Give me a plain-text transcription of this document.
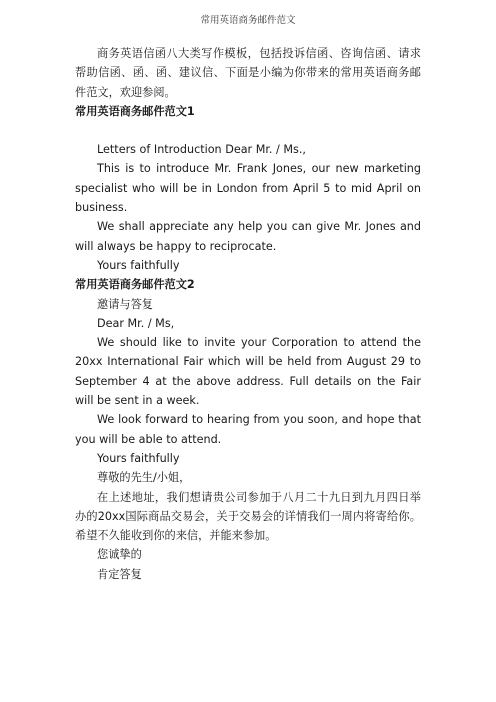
常用英语商务邮件范文

商务英语信函八大类写作模板，包括投诉信函、咨询信函、请求帮助信函、函、函、建议信、下面是小编为你带来的常用英语商务邮件范文，欢迎参阅。

常用英语商务邮件范文1

Letters of Introduction Dear Mr. / Ms.,

This is to introduce Mr. Frank Jones, our new marketing specialist who will be in London from April 5 to mid April on business.

We shall appreciate any help you can give Mr. Jones and will always be happy to reciprocate.

Yours faithfully

常用英语商务邮件范文2

邀请与答复

Dear Mr. / Ms,

We should like to invite your Corporation to attend the 20xx International Fair which will be held from August 29 to September 4 at the above address. Full details on the Fair will be sent in a week.

We look forward to hearing from you soon, and hope that you will be able to attend.

Yours faithfully

尊敬的先生/小姐，

在上述地址，我们想请贵公司参加于八月二十九日到九月四日举办的20xx国际商品交易会，关于交易会的详情我们一周内将寄给你。希望不久能收到你的来信，并能来参加。

您诚挚的

肯定答复
